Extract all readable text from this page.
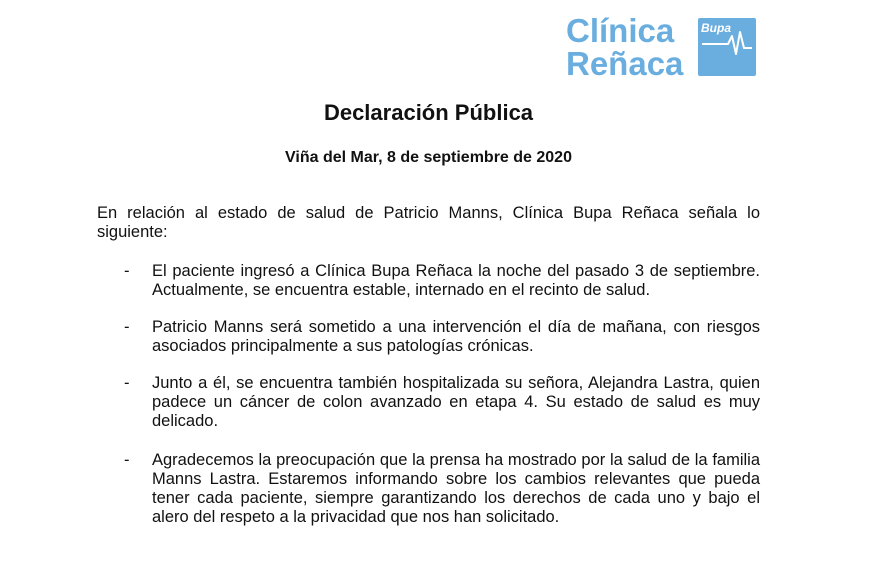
Clínica
Reñaca
Bupa
Declaración Pública
Viña del Mar, 8 de septiembre de 2020
En relación al estado de salud de Patricio Manns, Clínica Bupa Reñaca señala lo siguiente:
- El paciente ingresó a Clínica Bupa Reñaca la noche del pasado 3 de septiembre. Actualmente, se encuentra estable, internado en el recinto de salud.
- Patricio Manns será sometido a una intervención el día de mañana, con riesgos asociados principalmente a sus patologías crónicas.
- Junto a él, se encuentra también hospitalizada su señora, Alejandra Lastra, quien padece un cáncer de colon avanzado en etapa 4. Su estado de salud es muy delicado.
- Agradecemos la preocupación que la prensa ha mostrado por la salud de la familia Manns Lastra. Estaremos informando sobre los cambios relevantes que pueda tener cada paciente, siempre garantizando los derechos de cada uno y bajo el alero del respeto a la privacidad que nos han solicitado.
